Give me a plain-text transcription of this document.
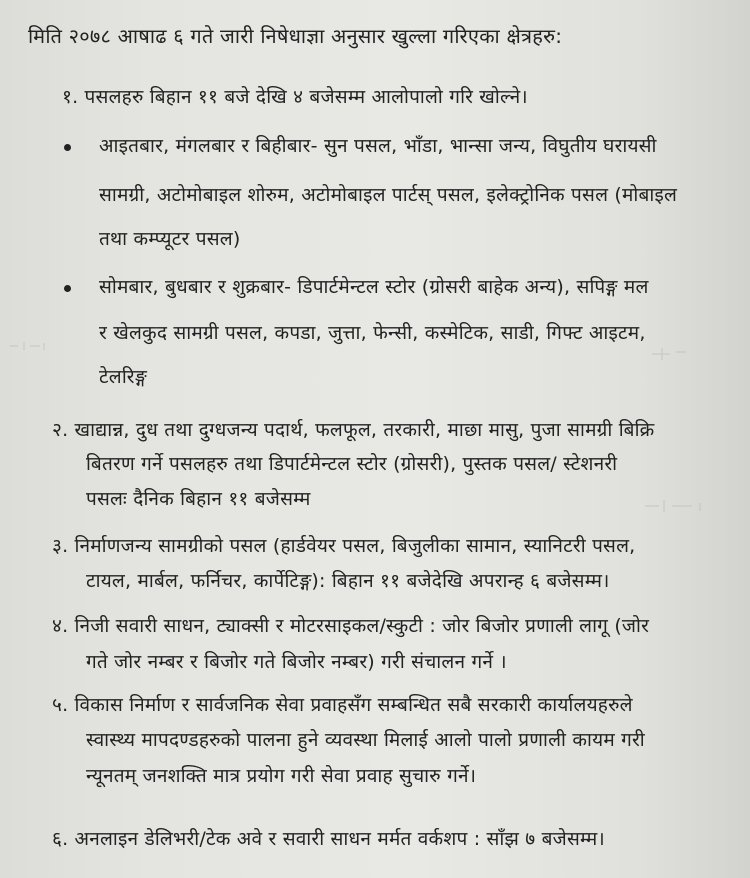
मिति २०७८ आषाढ ६ गते जारी निषेधाज्ञा अनुसार खुल्ला गरिएका क्षेत्रहरु:
१. पसलहरु बिहान ११ बजे देखि ४ बजेसम्म आलोपालो गरि खोल्ने।
आइतबार, मंगलबार र बिहीबार- सुन पसल, भाँडा, भान्सा जन्य, विघुतीय घरायसी
सामग्री, अटोमोबाइल शोरुम, अटोमोबाइल पार्टस् पसल, इलेक्ट्रोनिक पसल (मोबाइल
तथा कम्प्यूटर पसल)
सोमबार, बुधबार र शुक्रबार- डिपार्टमेन्टल स्टोर (ग्रोसरी बाहेक अन्य), सपिङ्ग मल
र खेलकुद सामग्री पसल, कपडा, जुत्ता, फेन्सी, कस्मेटिक, साडी, गिफ्ट आइटम,
टेलरिङ्ग
२. खाद्यान्न, दुध तथा दुग्धजन्य पदार्थ, फलफूल, तरकारी, माछा मासु, पुजा सामग्री बिक्रि
बितरण गर्ने पसलहरु तथा डिपार्टमेन्टल स्टोर (ग्रोसरी), पुस्तक पसल/ स्टेशनरी
पसलः दैनिक बिहान ११ बजेसम्म
३. निर्माणजन्य सामग्रीको पसल (हार्डवेयर पसल, बिजुलीका सामान, स्यानिटरी पसल,
टायल, मार्बल, फर्निचर, कार्पेटिङ्ग): बिहान ११ बजेदेखि अपरान्ह ६ बजेसम्म।
४. निजी सवारी साधन, ट्याक्सी र मोटरसाइकल/स्कुटी : जोर बिजोर प्रणाली लागू (जोर
गते जोर नम्बर र बिजोर गते बिजोर नम्बर) गरी संचालन गर्ने ।
५. विकास निर्माण र सार्वजनिक सेवा प्रवाहसँग सम्बन्धित सबै सरकारी कार्यालयहरुले
स्वास्थ्य मापदण्डहरुको पालना हुने व्यवस्था मिलाई आलो पालो प्रणाली कायम गरी
न्यूनतम् जनशक्ति मात्र प्रयोग गरी सेवा प्रवाह सुचारु गर्ने।
६. अनलाइन डेलिभरी/टेक अवे र सवारी साधन मर्मत वर्कशप : साँझ ७ बजेसम्म।
